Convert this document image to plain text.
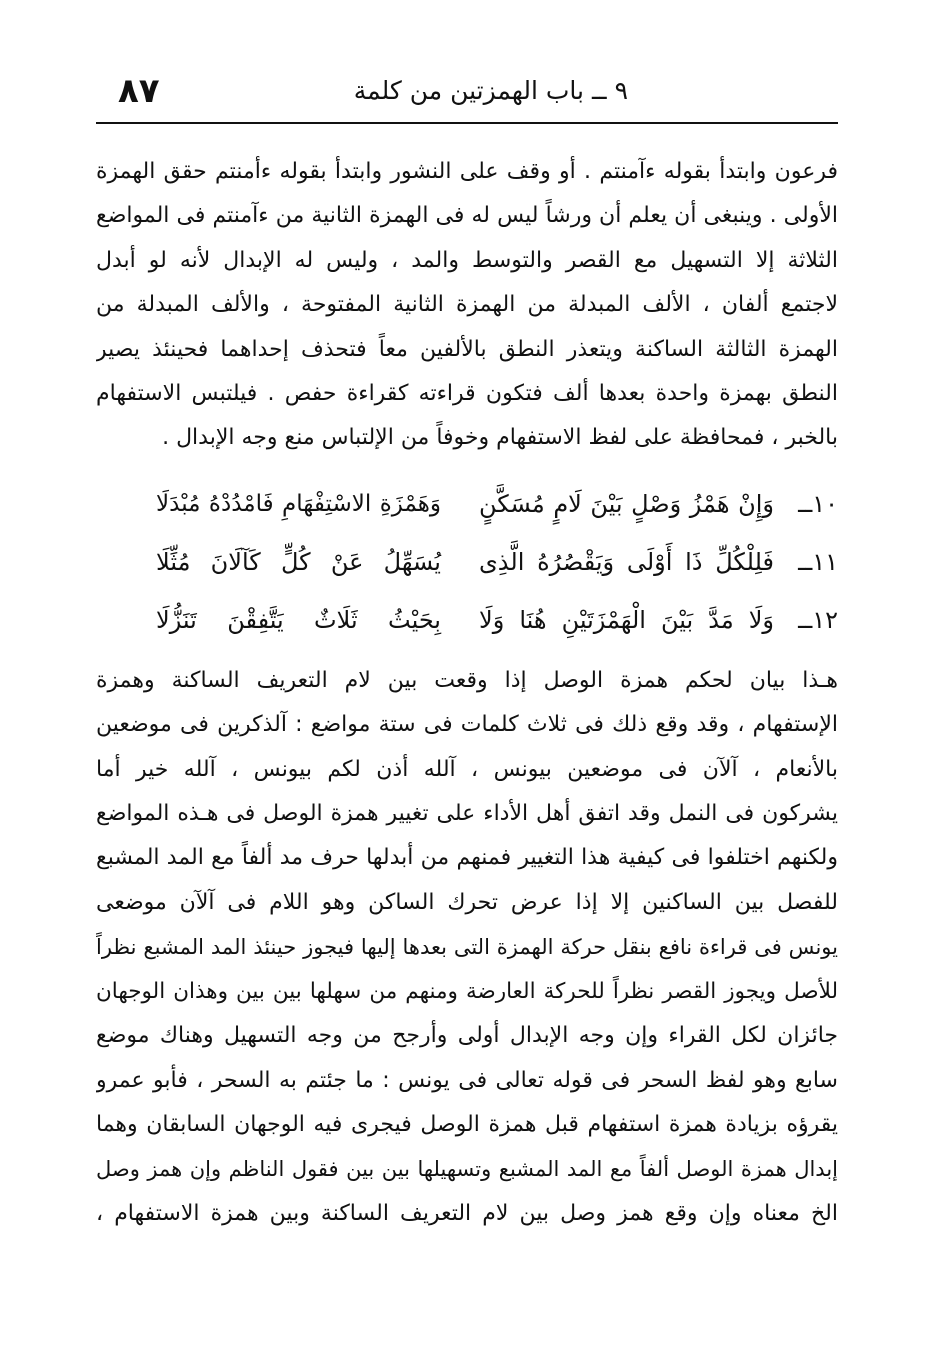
٩ ــ باب الهمزتين من كلمة
٨٧
فرعون وابتدأ بقوله ءآمنتم . أو وقف على النشور وابتدأ بقوله ءأمنتم حقق الهمزة
الأولى . وينبغى أن يعلم أن ورشاً ليس له فى الهمزة الثانية من ءآمنتم فى المواضع
الثلاثة إلا التسهيل مع القصر والتوسط والمد ، وليس له الإبدال لأنه لو أبدل
لاجتمع ألفان ، الألف المبدلة من الهمزة الثانية المفتوحة ، والألف المبدلة من
الهمزة الثالثة الساكنة ويتعذر النطق بالألفين معاً فتحذف إحداهما فحينئذ يصير
النطق بهمزة واحدة بعدها ألف فتكون قراءته كقراءة حفص . فيلتبس الاستفهام
بالخبر ، فمحافظة على لفظ الاستفهام وخوفاً من الإلتباس منع وجه الإبدال .
١٠ــ
وَإِنْ هَمْزُ وَصْلٍ بَيْنَ لَامٍ مُسَكَّنٍ
وَهَمْزَةِ الاسْتِفْهَامِ فَامْدُدْهُ مُبْدَلَا
١١ــ
فَلِلْكُلِّ ذَا أَوْلَى وَيَقْصُرُهُ الَّذِى
يُسَهِّلُ عَنْ كُلٍّ كَآلَانَ مُثِّلَا
١٢ــ
وَلَا مَدَّ بَيْنَ الْهَمْزَتَيْنِ هُنَا وَلَا
بِحَيْثُ ثَلَاثٌ يَتَّفِقْنَ تَنَزُّلَا
هـذا بيان لحكم همزة الوصل إذا وقعت بين لام التعريف الساكنة وهمزة
الإستفهام ، وقد وقع ذلك فى ثلاث كلمات فى ستة مواضع : آلذكرين فى موضعين
بالأنعام ، آلآن فى موضعين بيونس ، آلله أذن لكم بيونس ، آلله خير أما
يشركون فى النمل وقد اتفق أهل الأداء على تغيير همزة الوصل فى هـذه المواضع
ولكنهم اختلفوا فى كيفية هذا التغيير فمنهم من أبدلها حرف مد ألفاً مع المد المشبع
للفصل بين الساكنين إلا إذا عرض تحرك الساكن وهو اللام فى آلآن موضعى
يونس فى قراءة نافع بنقل حركة الهمزة التى بعدها إليها فيجوز حينئذ المد المشبع نظراً
للأصل ويجوز القصر نظراً للحركة العارضة ومنهم من سهلها بين بين وهذان الوجهان
جائزان لكل القراء وإن وجه الإبدال أولى وأرجح من وجه التسهيل وهناك موضع
سابع وهو لفظ السحر فى قوله تعالى فى يونس : ما جئتم به السحر ، فأبو عمرو
يقرؤه بزيادة همزة استفهام قبل همزة الوصل فيجرى فيه الوجهان السابقان وهما
إبدال همزة الوصل ألفاً مع المد المشبع وتسهيلها بين بين فقول الناظم وإن همز وصل
الخ معناه وإن وقع همز وصل بين لام التعريف الساكنة وبين همزة الاستفهام ،
